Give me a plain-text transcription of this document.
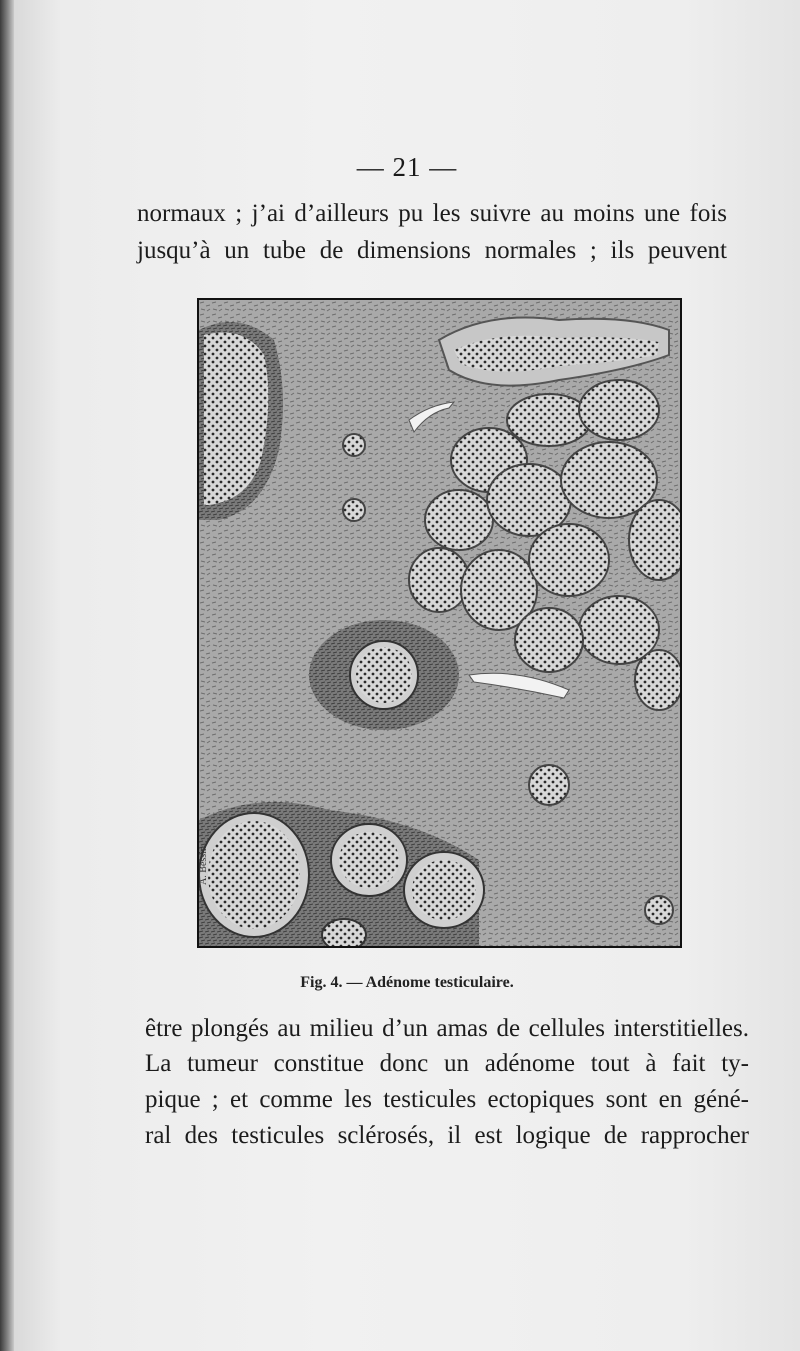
— 21 —
normaux ; j’ai d’ailleurs pu les suivre au moins une fois
jusqu’à un tube de dimensions normales ; ils peuvent
A. Bessin
Fig. 4. — Adénome testiculaire.
être plongés au milieu d’un amas de cellules interstitielles.
La tumeur constitue donc un adénome tout à fait ty-
pique ; et comme les testicules ectopiques sont en géné-
ral des testicules sclérosés, il est logique de rapprocher
